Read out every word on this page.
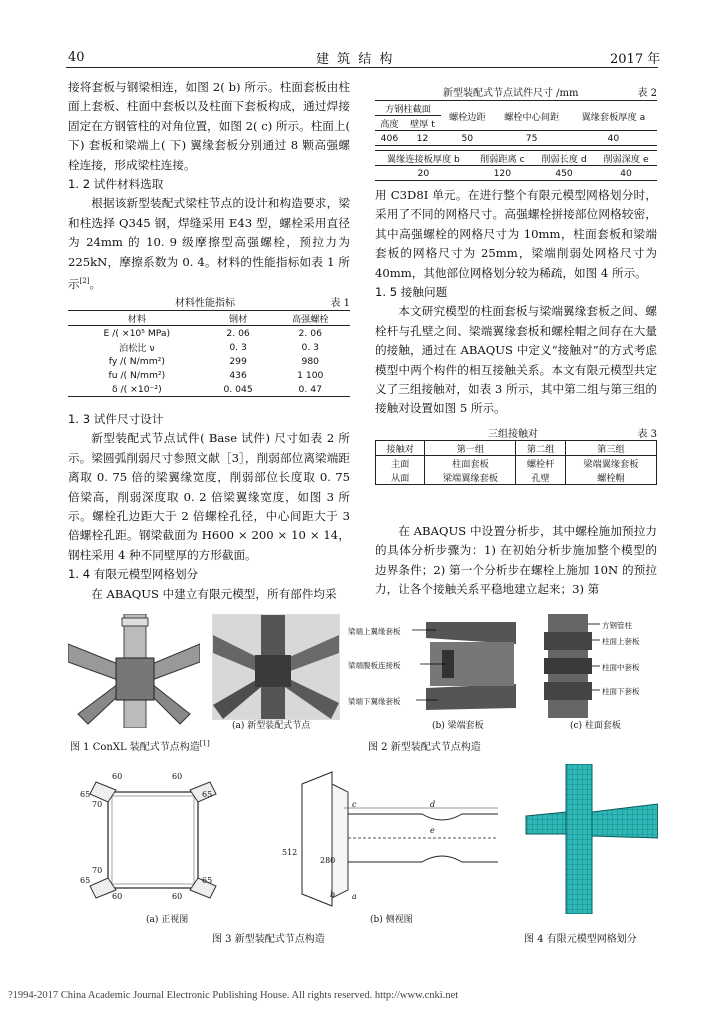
40	建 筑 结 构	2017 年

接将套板与钢梁相连，如图 2( b) 所示。柱面套板由柱面上套板、柱面中套板以及柱面下套板构成，通过焊接固定在方钢管柱的对角位置，如图 2( c) 所示。柱面上( 下) 套板和梁端上( 下) 翼缘套板分别通过 8 颗高强螺栓连接，形成梁柱连接。

1. 2 试件材料选取

根据该新型装配式梁柱节点的设计和构造要求，梁和柱选择 Q345 钢，焊缝采用 E43 型，螺栓采用直径为 24mm 的 10. 9 级摩擦型高强螺栓，预拉力为 225kN，摩擦系数为 0. 4。材料的性能指标如表 1 所示[2]。

材料性能指标	表 1
材料	钢材	高强螺栓
E /( ×10⁵ MPa)	2. 06	2. 06
泊松比 ν	0. 3	0. 3
fy /( N/mm²)	299	980
fu /( N/mm²)	436	1 100
δ /( ×10⁻²)	0. 045	0. 47

1. 3 试件尺寸设计

新型装配式节点试件( Base 试件) 尺寸如表 2 所示。梁圆弧削弱尺寸参照文献［3］，削弱部位离梁端距离取 0. 75 倍的梁翼缘宽度，削弱部位长度取 0. 75 倍梁高，削弱深度取 0. 2 倍梁翼缘宽度，如图 3 所示。螺栓孔边距大于 2 倍螺栓孔径，中心间距大于 3 倍螺栓孔距。钢梁截面为 H600 × 200 × 10 × 14，钢柱采用 4 种不同壁厚的方形截面。

1. 4 有限元模型网格划分

在 ABAQUS 中建立有限元模型，所有部件均采

新型装配式节点试件尺寸 /mm	表 2
方钢柱截面		螺栓边距	螺栓中心间距	翼缘套板厚度 a
高度	壁厚 t			
406	12	50	75	40
翼缘连接板厚度 b	削弱距离 c	削弱长度 d	削弱深度 e
20	120	450	40

用 C3D8I 单元。在进行整个有限元模型网格划分时，采用了不同的网格尺寸。高强螺栓拼接部位网格较密，其中高强螺栓的网格尺寸为 10mm，柱面套板和梁端套板的网格尺寸为 25mm，梁端削弱处网格尺寸为 40mm，其他部位网格划分较为稀疏，如图 4 所示。

1. 5 接触问题

本文研究模型的柱面套板与梁端翼缘套板之间、螺栓杆与孔壁之间、梁端翼缘套板和螺栓帽之间存在大量的接触，通过在 ABAQUS 中定义“接触对”的方式考虑模型中两个构件的相互接触关系。本文有限元模型共定义了三组接触对，如表 3 所示，其中第二组与第三组的接触对设置如图 5 所示。

三组接触对	表 3
接触对	第一组	第二组	第三组
主面	柱面套板	螺栓杆	梁端翼缘套板
从面	梁端翼缘套板	孔壁	螺栓帽

在 ABAQUS 中设置分析步，其中螺栓施加预拉力的具体分析步骤为：1) 在初始分析步施加整个模型的边界条件；2) 第一个分析步在螺栓上施加 10N 的预拉力，让各个接触关系平稳地建立起来；3) 第

图 1 ConXL 装配式节点构造[1]
(a) 新型装配式节点
梁端上翼缘套板
梁端腹板连接板
梁端下翼缘套板
(b) 梁端套板
方钢管柱
柱面上套板
柱面中套板
柱面下套板
(c) 柱面套板
图 2 新型装配式节点构造
60	60
65
70
65
60	60
65
70
65
(a) 正视图
c	d
e
512
280
b a
(b) 侧视图
图 3 新型装配式节点构造	图 4 有限元模型网格划分
?1994-2017 China Academic Journal Electronic Publishing House. All rights reserved. http://www.cnki.net
